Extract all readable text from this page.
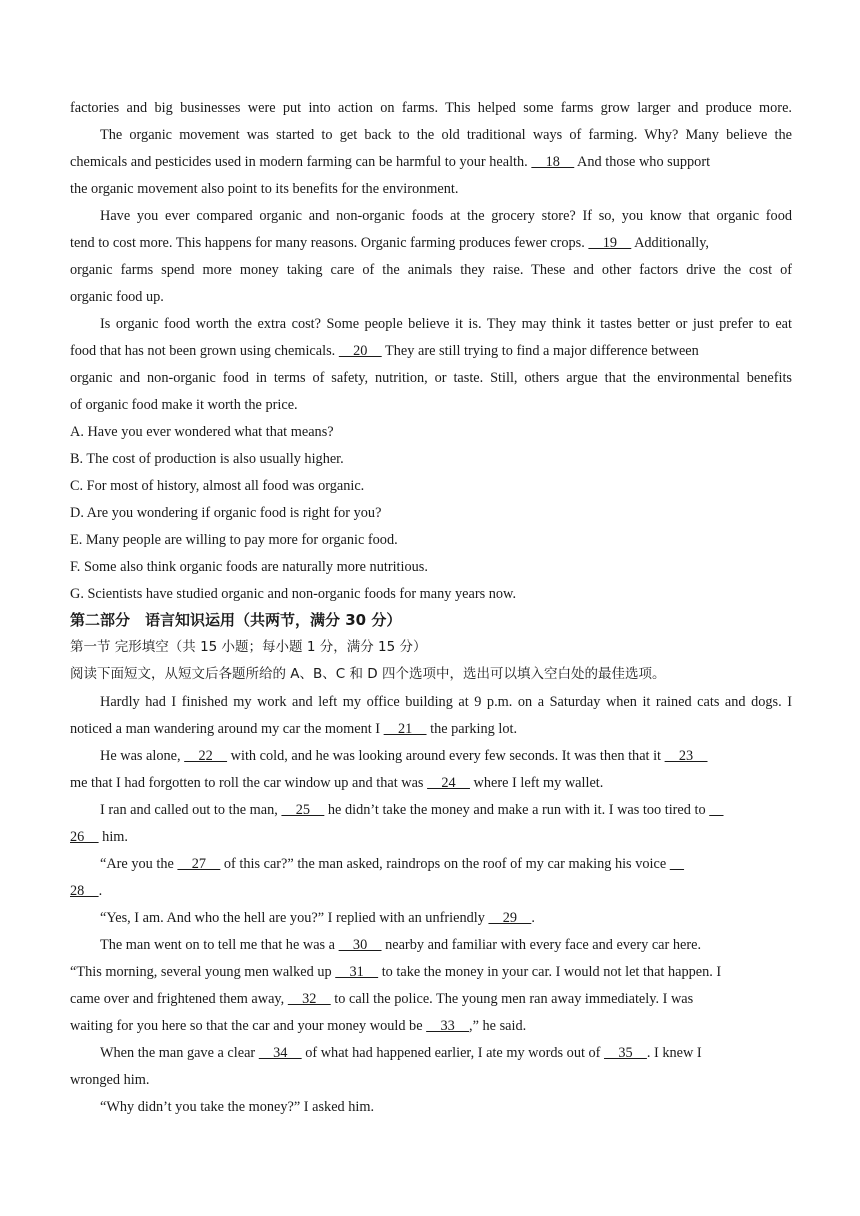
factories and big businesses were put into action on farms. This helped some farms grow larger and produce more.
The organic movement was started to get back to the old traditional ways of farming. Why? Many believe the
chemicals and pesticides used in modern farming can be harmful to your health.     18     And those who support
the organic movement also point to its benefits for the environment.
Have you ever compared organic and non-organic foods at the grocery store? If so, you know that organic food
tend to cost more. This happens for many reasons. Organic farming produces fewer crops.     19     Additionally,
organic farms spend more money taking care of the animals they raise. These and other factors drive the cost of
organic food up.
Is organic food worth the extra cost? Some people believe it is. They may think it tastes better or just prefer to eat
food that has not been grown using chemicals.     20     They are still trying to find a major difference between
organic and non-organic food in terms of safety, nutrition, or taste. Still, others argue that the environmental benefits
of organic food make it worth the price.
A. Have you ever wondered what that means?
B. The cost of production is also usually higher.
C. For most of history, almost all food was organic.
D. Are you wondering if organic food is right for you?
E. Many people are willing to pay more for organic food.
F. Some also think organic foods are naturally more nutritious.
G. Scientists have studied organic and non-organic foods for many years now.
第二部分　语言知识运用（共两节，满分 30 分）
第一节 完形填空（共 15 小题；每小题 1 分，满分 15 分）
阅读下面短文，从短文后各题所给的 A、B、C 和 D 四个选项中，选出可以填入空白处的最佳选项。
Hardly had I finished my work and left my office building at 9 p.m. on a Saturday when it rained cats and dogs. I
noticed a man wandering around my car the moment I     21     the parking lot.
He was alone,     22     with cold, and he was looking around every few seconds. It was then that it     23
me that I had forgotten to roll the car window up and that was     24     where I left my wallet.
I ran and called out to the man,     25     he didn’t take the money and make a run with it. I was too tired to
26     him.
“Are you the     27     of this car?” the man asked, raindrops on the roof of my car making his voice
28    .
“Yes, I am. And who the hell are you?” I replied with an unfriendly     29    .
The man went on to tell me that he was a     30     nearby and familiar with every face and every car here.
“This morning, several young men walked up     31     to take the money in your car. I would not let that happen. I
came over and frightened them away,     32     to call the police. The young men ran away immediately. I was
waiting for you here so that the car and your money would be     33    ,” he said.
When the man gave a clear     34     of what had happened earlier, I ate my words out of     35    . I knew I
wronged him.
“Why didn’t you take the money?” I asked him.
